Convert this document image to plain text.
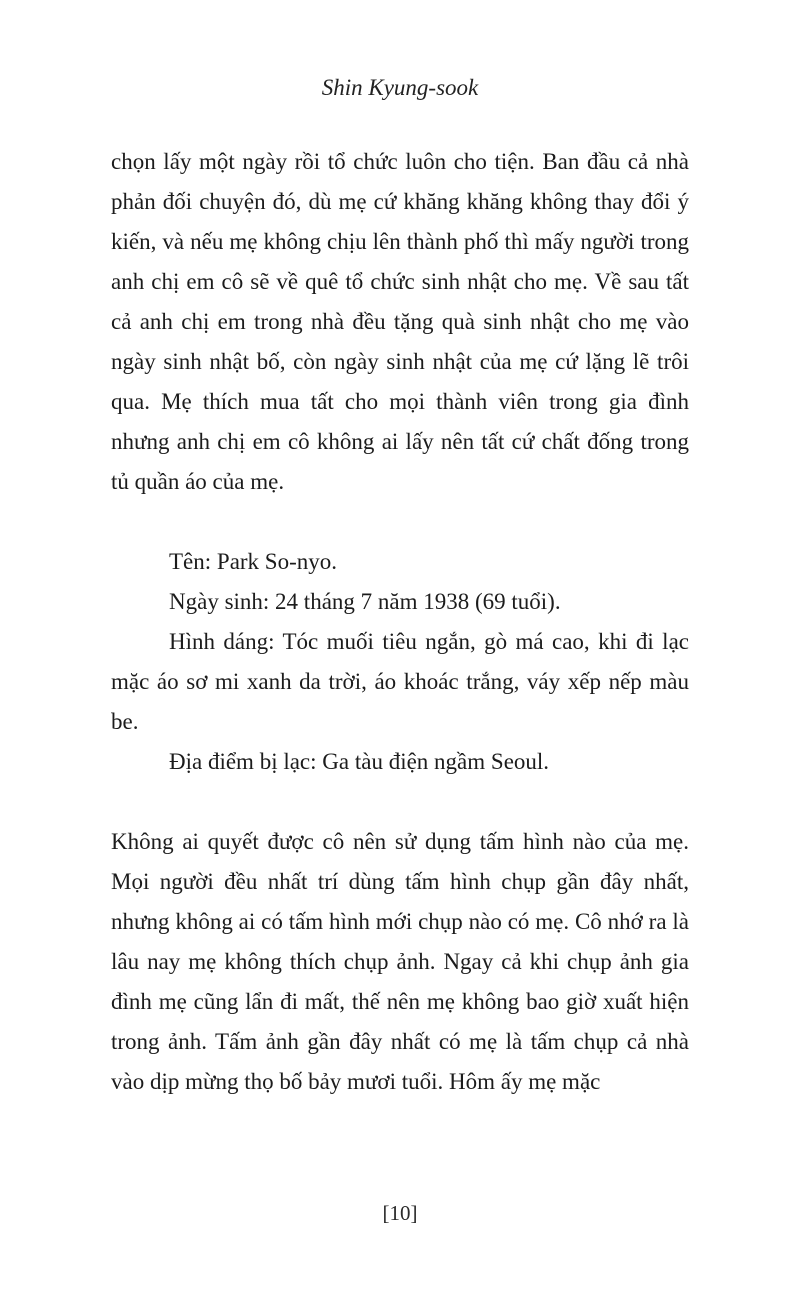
Shin Kyung-sook

chọn lấy một ngày rồi tổ chức luôn cho tiện. Ban đầu cả nhà phản đối chuyện đó, dù mẹ cứ khăng khăng không thay đổi ý kiến, và nếu mẹ không chịu lên thành phố thì mấy người trong anh chị em cô sẽ về quê tổ chức sinh nhật cho mẹ. Về sau tất cả anh chị em trong nhà đều tặng quà sinh nhật cho mẹ vào ngày sinh nhật bố, còn ngày sinh nhật của mẹ cứ lặng lẽ trôi qua. Mẹ thích mua tất cho mọi thành viên trong gia đình nhưng anh chị em cô không ai lấy nên tất cứ chất đống trong tủ quần áo của mẹ.

Tên: Park So-nyo.

Ngày sinh: 24 tháng 7 năm 1938 (69 tuổi).

Hình dáng: Tóc muối tiêu ngắn, gò má cao, khi đi lạc mặc áo sơ mi xanh da trời, áo khoác trắng, váy xếp nếp màu be.

Địa điểm bị lạc: Ga tàu điện ngầm Seoul.

Không ai quyết được cô nên sử dụng tấm hình nào của mẹ. Mọi người đều nhất trí dùng tấm hình chụp gần đây nhất, nhưng không ai có tấm hình mới chụp nào có mẹ. Cô nhớ ra là lâu nay mẹ không thích chụp ảnh. Ngay cả khi chụp ảnh gia đình mẹ cũng lẩn đi mất, thế nên mẹ không bao giờ xuất hiện trong ảnh. Tấm ảnh gần đây nhất có mẹ là tấm chụp cả nhà vào dịp mừng thọ bố bảy mươi tuổi. Hôm ấy mẹ mặc

[10]
